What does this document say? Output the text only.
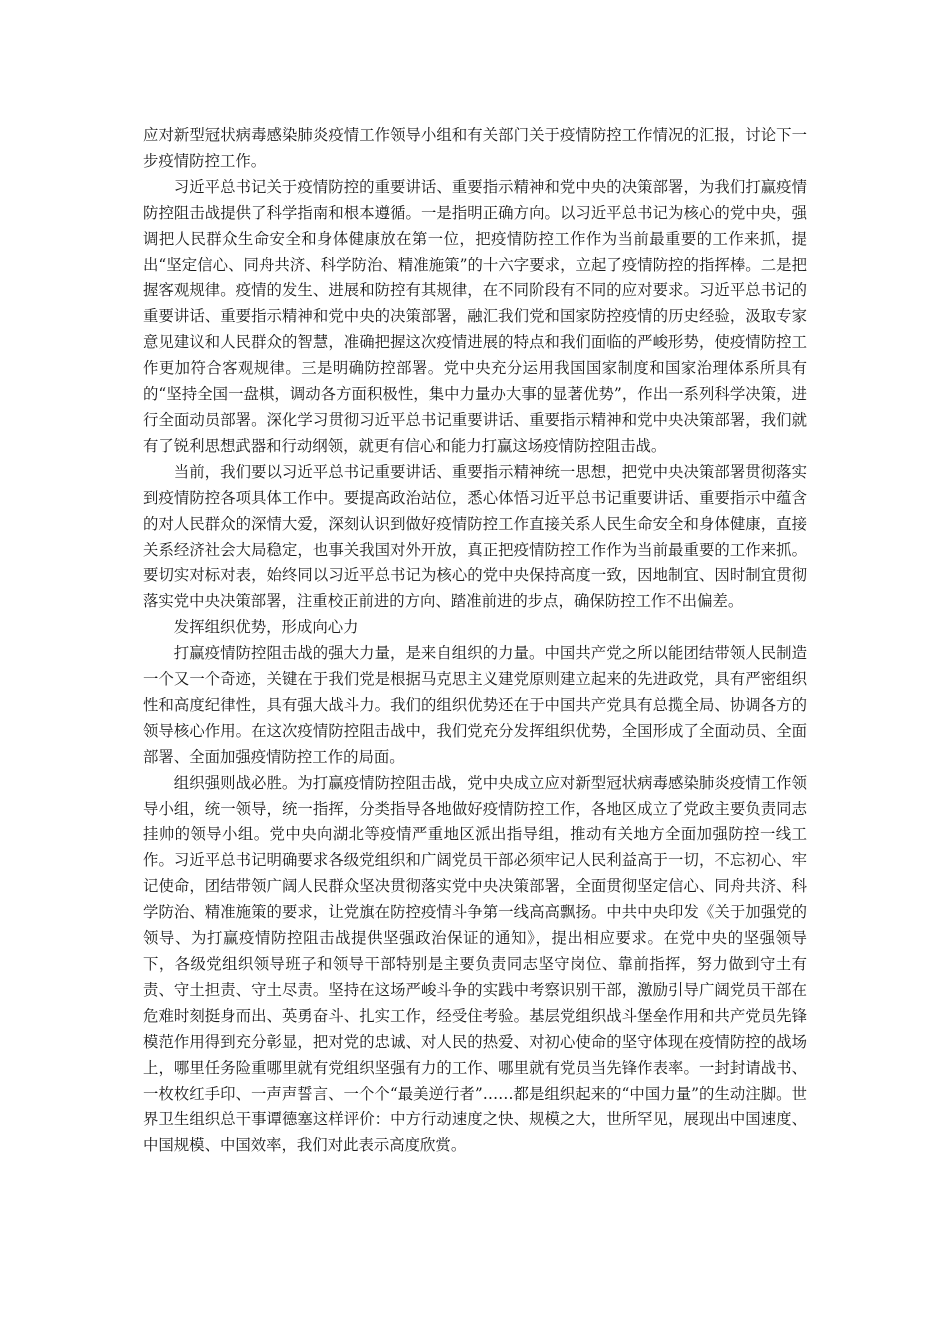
应对新型冠状病毒感染肺炎疫情工作领导小组和有关部门关于疫情防控工作情况的汇报，讨论下一步疫情防控工作。

习近平总书记关于疫情防控的重要讲话、重要指示精神和党中央的决策部署，为我们打赢疫情防控阻击战提供了科学指南和根本遵循。一是指明正确方向。以习近平总书记为核心的党中央，强调把人民群众生命安全和身体健康放在第一位，把疫情防控工作作为当前最重要的工作来抓，提出“坚定信心、同舟共济、科学防治、精准施策”的十六字要求，立起了疫情防控的指挥棒。二是把握客观规律。疫情的发生、进展和防控有其规律，在不同阶段有不同的应对要求。习近平总书记的重要讲话、重要指示精神和党中央的决策部署，融汇我们党和国家防控疫情的历史经验，汲取专家意见建议和人民群众的智慧，准确把握这次疫情进展的特点和我们面临的严峻形势，使疫情防控工作更加符合客观规律。三是明确防控部署。党中央充分运用我国国家制度和国家治理体系所具有的“坚持全国一盘棋，调动各方面积极性，集中力量办大事的显著优势”，作出一系列科学决策，进行全面动员部署。深化学习贯彻习近平总书记重要讲话、重要指示精神和党中央决策部署，我们就有了锐利思想武器和行动纲领，就更有信心和能力打赢这场疫情防控阻击战。

当前，我们要以习近平总书记重要讲话、重要指示精神统一思想，把党中央决策部署贯彻落实到疫情防控各项具体工作中。要提高政治站位，悉心体悟习近平总书记重要讲话、重要指示中蕴含的对人民群众的深情大爱，深刻认识到做好疫情防控工作直接关系人民生命安全和身体健康，直接关系经济社会大局稳定，也事关我国对外开放，真正把疫情防控工作作为当前最重要的工作来抓。要切实对标对表，始终同以习近平总书记为核心的党中央保持高度一致，因地制宜、因时制宜贯彻落实党中央决策部署，注重校正前进的方向、踏准前进的步点，确保防控工作不出偏差。

发挥组织优势，形成向心力

打赢疫情防控阻击战的强大力量，是来自组织的力量。中国共产党之所以能团结带领人民制造一个又一个奇迹，关键在于我们党是根据马克思主义建党原则建立起来的先进政党，具有严密组织性和高度纪律性，具有强大战斗力。我们的组织优势还在于中国共产党具有总揽全局、协调各方的领导核心作用。在这次疫情防控阻击战中，我们党充分发挥组织优势，全国形成了全面动员、全面部署、全面加强疫情防控工作的局面。

组织强则战必胜。为打赢疫情防控阻击战，党中央成立应对新型冠状病毒感染肺炎疫情工作领导小组，统一领导，统一指挥，分类指导各地做好疫情防控工作，各地区成立了党政主要负责同志挂帅的领导小组。党中央向湖北等疫情严重地区派出指导组，推动有关地方全面加强防控一线工作。习近平总书记明确要求各级党组织和广阔党员干部必须牢记人民利益高于一切，不忘初心、牢记使命，团结带领广阔人民群众坚决贯彻落实党中央决策部署，全面贯彻坚定信心、同舟共济、科学防治、精准施策的要求，让党旗在防控疫情斗争第一线高高飘扬。中共中央印发《关于加强党的领导、为打赢疫情防控阻击战提供坚强政治保证的通知》，提出相应要求。在党中央的坚强领导下，各级党组织领导班子和领导干部特别是主要负责同志坚守岗位、靠前指挥，努力做到守土有责、守土担责、守土尽责。坚持在这场严峻斗争的实践中考察识别干部，激励引导广阔党员干部在危难时刻挺身而出、英勇奋斗、扎实工作，经受住考验。基层党组织战斗堡垒作用和共产党员先锋模范作用得到充分彰显，把对党的忠诚、对人民的热爱、对初心使命的坚守体现在疫情防控的战场上，哪里任务险重哪里就有党组织坚强有力的工作、哪里就有党员当先锋作表率。一封封请战书、一枚枚红手印、一声声誓言、一个个“最美逆行者”……都是组织起来的“中国力量”的生动注脚。世界卫生组织总干事谭德塞这样评价：中方行动速度之快、规模之大，世所罕见，展现出中国速度、中国规模、中国效率，我们对此表示高度欣赏。
